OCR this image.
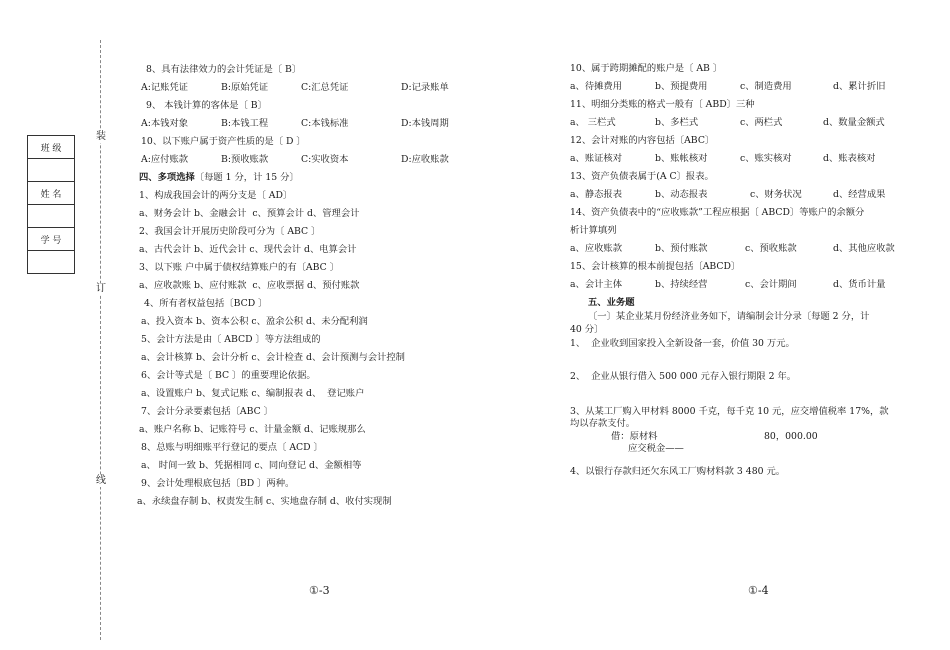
装
订
线
班 级

姓 名

学 号

8、具有法律效力的会计凭证是〔 B〕
A:记账凭证	B:原始凭证	C:汇总凭证	D:记录账单
9、 本钱计算的客体是〔 B〕
A:本钱对象	B:本钱工程	C:本钱标准	D:本钱周期
10、以下账户属于资产性质的是〔 D 〕
A:应付账款	B:预收账款	C:实收资本	D:应收账款
四、多项选择〔每题 1 分，计 15 分〕
1、构成我国会计的两分支是〔 AD〕
a、财务会计 b、金融会计  c、预算会计 d、管理会计
2、我国会计开展历史阶段可分为〔 ABC 〕
a、古代会计 b、近代会计 c、现代会计 d、电算会计
3、以下账 户中属于债权结算账户的有〔ABC 〕
a、应收款账 b、应付账款  c、应收票据 d、预付账款
4、所有者权益包括〔BCD 〕
a、投入资本 b、资本公积 c、盈余公积 d、未分配利润
5、会计方法是由〔 ABCD 〕等方法组成的
a、会计核算 b、会计分析 c、会计检查 d、会计预测与会计控制
6、会计等式是〔 BC 〕的重要理论依据。
a、设置账户 b、复式记账 c、编制报表 d、  登记账户
7、会计分录要素包括〔ABC 〕
a、账户名称 b、记账符号 c、计量金额 d、记账规那么
8、总账与明细账平行登记的要点〔 ACD 〕
a、 时间一致 b、凭据相同 c、同向登记 d、金额相等
9、会计处理根底包括〔BD 〕两种。
a、永续盘存制 b、权责发生制 c、实地盘存制 d、收付实现制
①-3
10、属于跨期摊配的账户是〔 AB 〕
a、待摊费用	b、预提费用	c、制造费用	d、累计折旧
11、明细分类账的格式一般有〔 ABD〕三种
a、 三栏式	b、多栏式	c、两栏式	d、数量金额式
12、会计对账的内容包括〔ABC〕
a、账证核对	b、账帐核对	c、账实核对	d、账表核对
13、资产负债表属于(A C〕报表。
a、静态报表	b、动态报表	c、财务状况	d、经营成果
14、资产负债表中的“应收账款”工程应根据〔 ABCD〕等账户的余额分
析计算填列
a、应收账款	b、预付账款	c、预收账款	d、其他应收款
15、会计核算的根本前提包括〔ABCD〕
a、会计主体	b、持续经营	c、会计期间	d、货币计量
五、业务题
〔一〕某企业某月份经济业务如下，请编制会计分录〔每题 2 分，计
40 分〕
1、  企业收到国家投入全新设备一套，价值 30 万元。
2、  企业从银行借入 500 000 元存入银行期限 2 年。
3、从某工厂购入甲材料 8000 千克，每千克 10 元，应交增值税率 17%，款
均以存款支付。
借：原材料	80，000.00
应交税金——
4、以银行存款归还欠东风工厂购材料款 3 480 元。
①-4
